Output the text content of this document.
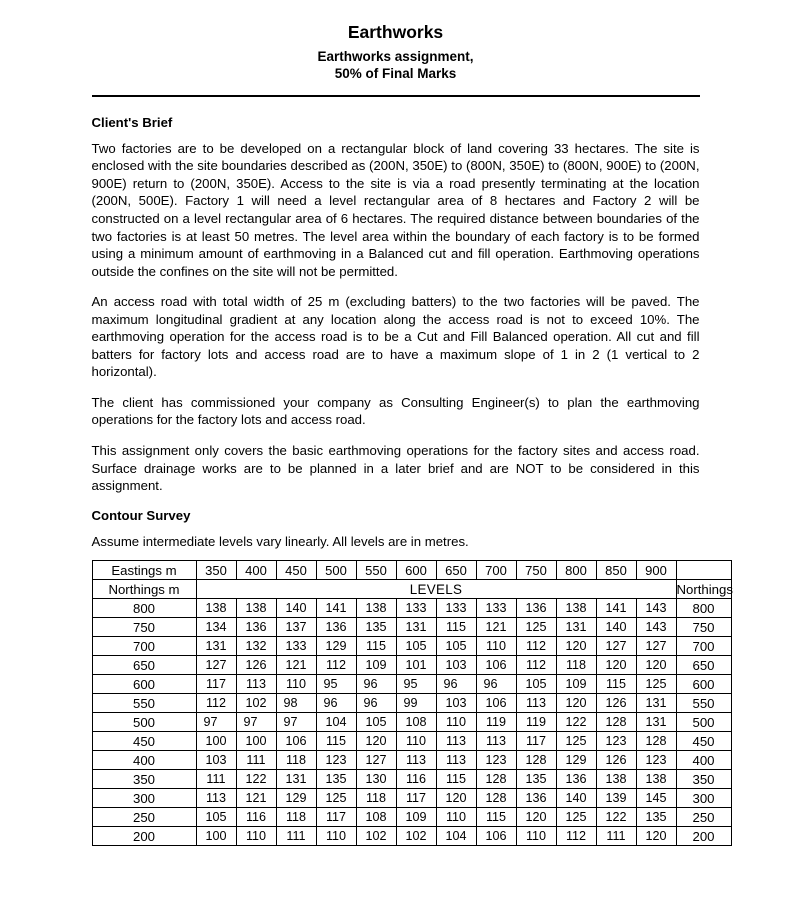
Earthworks
Earthworks assignment,
50% of Final Marks
Client's Brief

Two factories are to be developed on a rectangular block of land covering 33 hectares. The site is enclosed with the site boundaries described as (200N, 350E) to (800N, 350E) to (800N, 900E) to (200N, 900E) return to (200N, 350E). Access to the site is via a road presently terminating at the location (200N, 500E). Factory 1 will need a level rectangular area of 8 hectares and Factory 2 will be constructed on a level rectangular area of 6 hectares. The required distance between boundaries of the two factories is at least 50 metres. The level area within the boundary of each factory is to be formed using a minimum amount of earthmoving in a Balanced cut and fill operation. Earthmoving operations outside the confines on the site will not be permitted.

An access road with total width of 25 m (excluding batters) to the two factories will be paved. The maximum longitudinal gradient at any location along the access road is not to exceed 10%. The earthmoving operation for the access road is to be a Cut and Fill Balanced operation. All cut and fill batters for factory lots and access road are to have a maximum slope of 1 in 2 (1 vertical to 2 horizontal).

The client has commissioned your company as Consulting Engineer(s) to plan the earthmoving operations for the factory lots and access road.

This assignment only covers the basic earthmoving operations for the factory sites and access road. Surface drainage works are to be planned in a later brief and are NOT to be considered in this assignment.

Contour Survey
Assume intermediate levels vary linearly. All levels are in metres.
Eastings m	350	400	450	500	550	600	650	700	750	800	850	900	
Northings m	LEVELS												Northings
800	138	138	140	141	138	133	133	133	136	138	141	143	800
750	134	136	137	136	135	131	115	121	125	131	140	143	750
700	131	132	133	129	115	105	105	110	112	120	127	127	700
650	127	126	121	112	109	101	103	106	112	118	120	120	650
600	117	113	110	95	96	95	96	96	105	109	115	125	600
550	112	102	98	96	96	99	103	106	113	120	126	131	550
500	97	97	97	104	105	108	110	119	119	122	128	131	500
450	100	100	106	115	120	110	113	113	117	125	123	128	450
400	103	111	118	123	127	113	113	123	128	129	126	123	400
350	111	122	131	135	130	116	115	128	135	136	138	138	350
300	113	121	129	125	118	117	120	128	136	140	139	145	300
250	105	116	118	117	108	109	110	115	120	125	122	135	250
200	100	110	111	110	102	102	104	106	110	112	111	120	200
